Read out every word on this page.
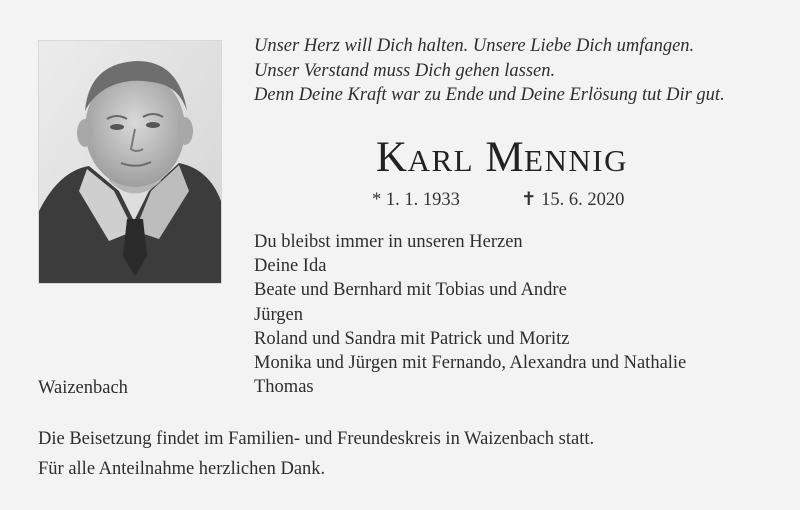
Unser Herz will Dich halten. Unsere Liebe Dich umfangen.
Unser Verstand muss Dich gehen lassen.
Denn Deine Kraft war zu Ende und Deine Erlösung tut Dir gut.
KARL MENNIG
* 1. 1. 1933	✝ 15. 6. 2020
Du bleibst immer in unseren Herzen
Deine Ida
Beate und Bernhard mit Tobias und Andre
Jürgen
Roland und Sandra mit Patrick und Moritz
Monika und Jürgen mit Fernando, Alexandra und Nathalie
Thomas
Waizenbach
Die Beisetzung findet im Familien- und Freundeskreis in Waizenbach statt.
Für alle Anteilnahme herzlichen Dank.
